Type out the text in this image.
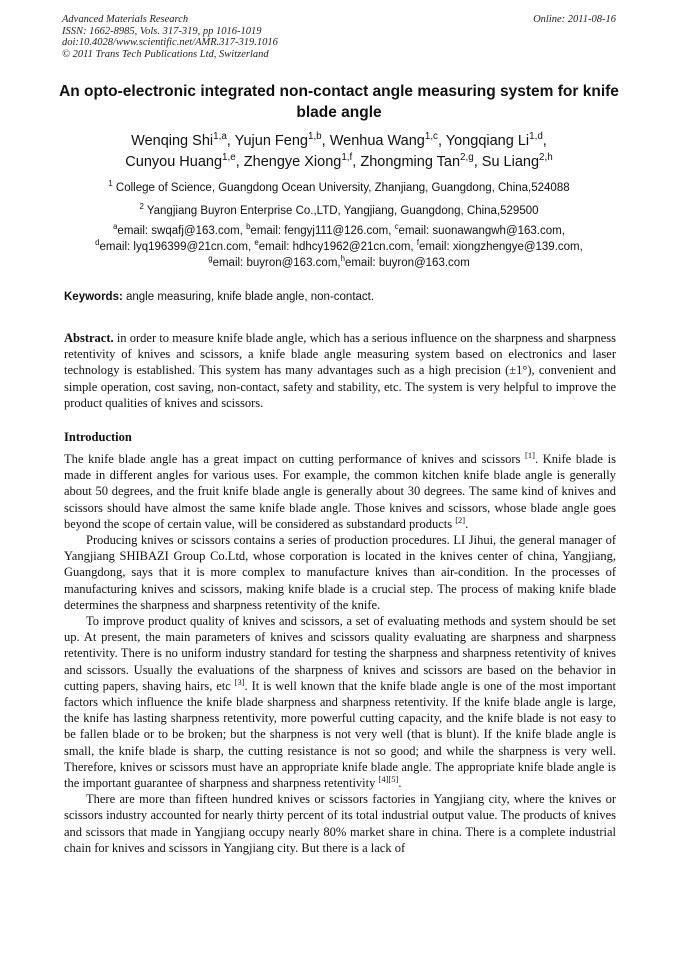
Advanced Materials Research
ISSN: 1662-8985, Vols. 317-319, pp 1016-1019
doi:10.4028/www.scientific.net/AMR.317-319.1016
© 2011 Trans Tech Publications Ltd, Switzerland
Online: 2011-08-16
An opto-electronic integrated non-contact angle measuring system for knife blade angle
Wenqing Shi$^{1,a}$, Yujun Feng$^{1,b}$, Wenhua Wang$^{1,c}$, Yongqiang Li$^{1,d}$,
Cunyou Huang$^{1,e}$, Zhengye Xiong$^{1,f}$, Zhongming Tan$^{2,g}$, Su Liang$^{2,h}$
$^1$ College of Science, Guangdong Ocean University, Zhanjiang, Guangdong, China,524088
$^2$ Yangjiang Buyron Enterprise Co.,LTD, Yangjiang, Guangdong, China,529500
$^a$email: swqafj@163.com, $^b$email: fengyj111@126.com, $^c$email: suonawangwh@163.com,
$^d$email: lyq196399@21cn.com, $^e$email: hdhcy1962@21cn.com, $^f$email: xiongzhengye@139.com,
$^g$email: buyron@163.com,$^h$email: buyron@163.com
Keywords: angle measuring, knife blade angle, non-contact.

Abstract. in order to measure knife blade angle, which has a serious influence on the sharpness and sharpness retentivity of knives and scissors, a knife blade angle measuring system based on electronics and laser technology is established. This system has many advantages such as a high precision (±1°), convenient and simple operation, cost saving, non-contact, safety and stability, etc. The system is very helpful to improve the product qualities of knives and scissors.

Introduction

The knife blade angle has a great impact on cutting performance of knives and scissors [1]. Knife blade is made in different angles for various uses. For example, the common kitchen knife blade angle is generally about 50 degrees, and the fruit knife blade angle is generally about 30 degrees. The same kind of knives and scissors should have almost the same knife blade angle. Those knives and scissors, whose blade angle goes beyond the scope of certain value, will be considered as substandard products [2].

Producing knives or scissors contains a series of production procedures. LI Jihui, the general manager of Yangjiang SHIBAZI Group Co.Ltd, whose corporation is located in the knives center of china, Yangjiang, Guangdong, says that it is more complex to manufacture knives than air-condition. In the processes of manufacturing knives and scissors, making knife blade is a crucial step. The process of making knife blade determines the sharpness and sharpness retentivity of the knife.

To improve product quality of knives and scissors, a set of evaluating methods and system should be set up. At present, the main parameters of knives and scissors quality evaluating are sharpness and sharpness retentivity. There is no uniform industry standard for testing the sharpness and sharpness retentivity of knives and scissors. Usually the evaluations of the sharpness of knives and scissors are based on the behavior in cutting papers, shaving hairs, etc [3]. It is well known that the knife blade angle is one of the most important factors which influence the knife blade sharpness and sharpness retentivity. If the knife blade angle is large, the knife has lasting sharpness retentivity, more powerful cutting capacity, and the knife blade is not easy to be fallen blade or to be broken; but the sharpness is not very well (that is blunt). If the knife blade angle is small, the knife blade is sharp, the cutting resistance is not so good; and while the sharpness is very well. Therefore, knives or scissors must have an appropriate knife blade angle. The appropriate knife blade angle is the important guarantee of sharpness and sharpness retentivity [4][5].

There are more than fifteen hundred knives or scissors factories in Yangjiang city, where the knives or scissors industry accounted for nearly thirty percent of its total industrial output value. The products of knives and scissors that made in Yangjiang occupy nearly 80% market share in china. There is a complete industrial chain for knives and scissors in Yangjiang city. But there is a lack of
